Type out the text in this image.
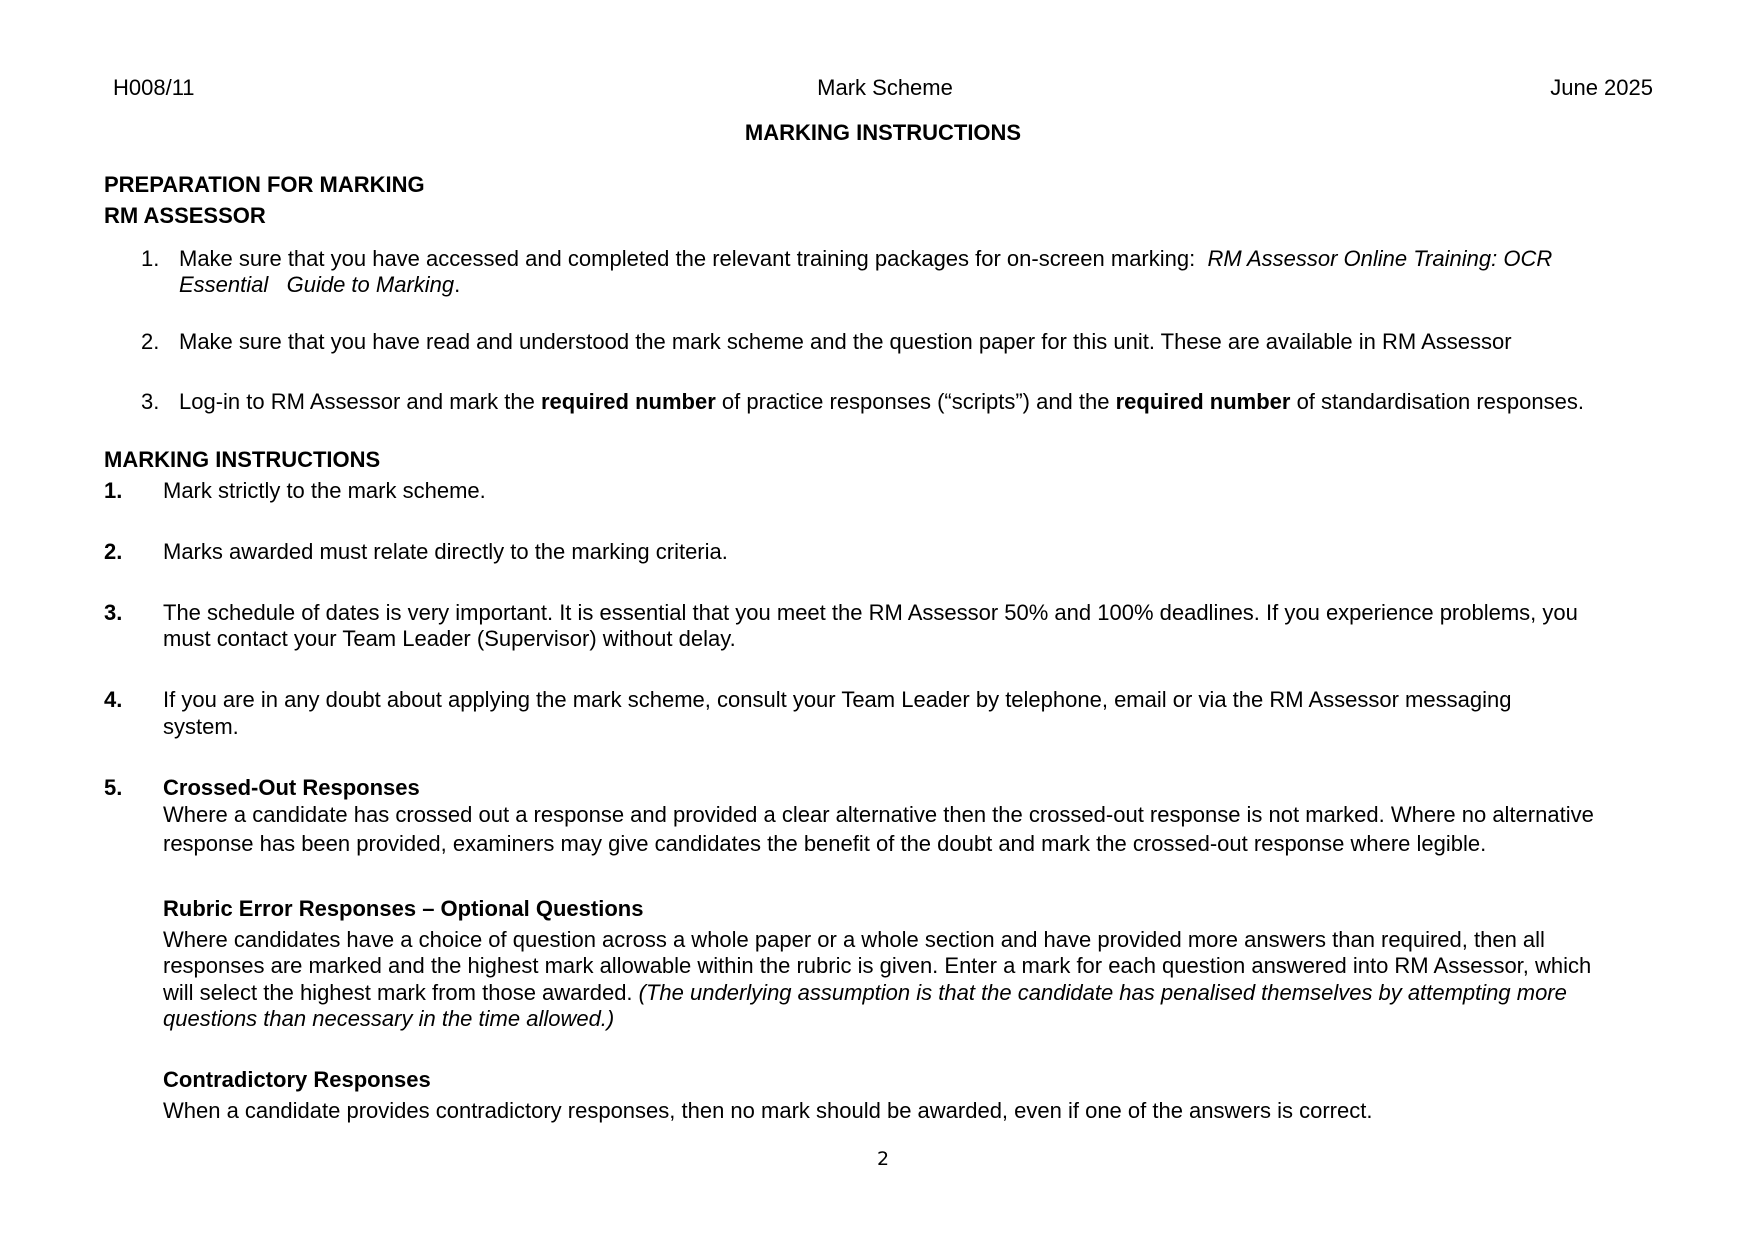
H008/11	Mark Scheme	June 2025
MARKING INSTRUCTIONS
PREPARATION FOR MARKING
RM ASSESSOR
1. Make sure that you have accessed and completed the relevant training packages for on-screen marking: RM Assessor Online Training: OCR
Essential   Guide to Marking.
2. Make sure that you have read and understood the mark scheme and the question paper for this unit. These are available in RM Assessor
3. Log-in to RM Assessor and mark the required number of practice responses (“scripts”) and the required number of standardisation responses.
MARKING INSTRUCTIONS
1. Mark strictly to the mark scheme.
2. Marks awarded must relate directly to the marking criteria.
3. The schedule of dates is very important. It is essential that you meet the RM Assessor 50% and 100% deadlines. If you experience problems, you
must contact your Team Leader (Supervisor) without delay.
4. If you are in any doubt about applying the mark scheme, consult your Team Leader by telephone, email or via the RM Assessor messaging
system.
5. Crossed-Out Responses
Where a candidate has crossed out a response and provided a clear alternative then the crossed-out response is not marked. Where no alternative
response has been provided, examiners may give candidates the benefit of the doubt and mark the crossed-out response where legible.
Rubric Error Responses – Optional Questions
Where candidates have a choice of question across a whole paper or a whole section and have provided more answers than required, then all
responses are marked and the highest mark allowable within the rubric is given. Enter a mark for each question answered into RM Assessor, which
will select the highest mark from those awarded. (The underlying assumption is that the candidate has penalised themselves by attempting more
questions than necessary in the time allowed.)
Contradictory Responses
When a candidate provides contradictory responses, then no mark should be awarded, even if one of the answers is correct.
2
